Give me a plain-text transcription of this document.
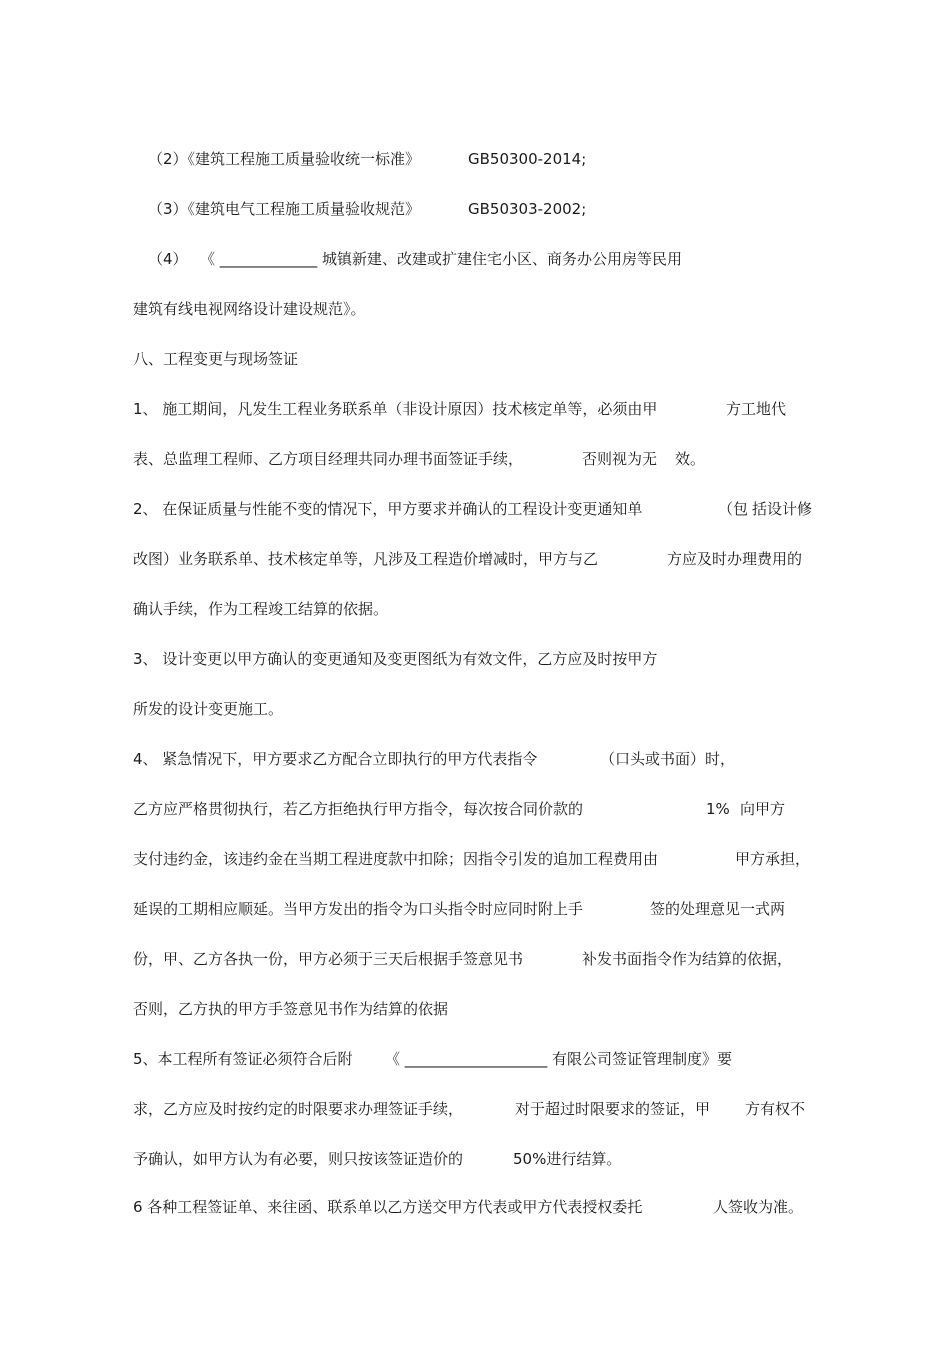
（2）《建筑工程施工质量验收统一标准》

	GB50300-2014;

（3）《建筑电气工程施工质量验收规范》

	GB50303-2002;

（4）

《 _____________ 城镇新建、改建或扩建住宅小区、商务办公用房等民用

建筑有线电视网络设计建设规范》。

八、工程变更与现场签证

1、 施工期间，凡发生工程业务联系单（非设计原因）技术核定单等，必须由甲

	方工地代

表、总监理工程师、乙方项目经理共同办理书面签证手续，

	否则视为无

效。

2、 在保证质量与性能不变的情况下，甲方要求并确认的工程设计变更通知单

	（包

括设计修

改图）业务联系单、技术核定单等，凡涉及工程造价增减时，甲方与乙

	方应及时办理费用的

确认手续，作为工程竣工结算的依据。

3、 设计变更以甲方确认的变更通知及变更图纸为有效文件，乙方应及时按甲方

所发的设计变更施工。

4、 紧急情况下，甲方要求乙方配合立即执行的甲方代表指令

	（口头或书面）时，

乙方应严格贯彻执行，若乙方拒绝执行甲方指令，每次按合同价款的

	1%

向甲方

支付违约金，该违约金在当期工程进度款中扣除；因指令引发的追加工程费用由

	甲方承担，

延误的工期相应顺延。当甲方发出的指令为口头指令时应同时附上手

	签的处理意见一式两

份，甲、乙方各执一份，甲方必须于三天后根据手签意见书

	补发书面指令作为结算的依据，

否则，乙方执的甲方手签意见书作为结算的依据

5、本工程所有签证必须符合后附

《 ___________________ 有限公司签证管理制度》要

求，乙方应及时按约定的时限要求办理签证手续，

	对于超过时限要求的签证，甲

方有权不

予确认，如甲方认为有必要，则只按该签证造价的

	50%进行结算。

6 各种工程签证单、来往函、联系单以乙方送交甲方代表或甲方代表授权委托

	人签收为准。
